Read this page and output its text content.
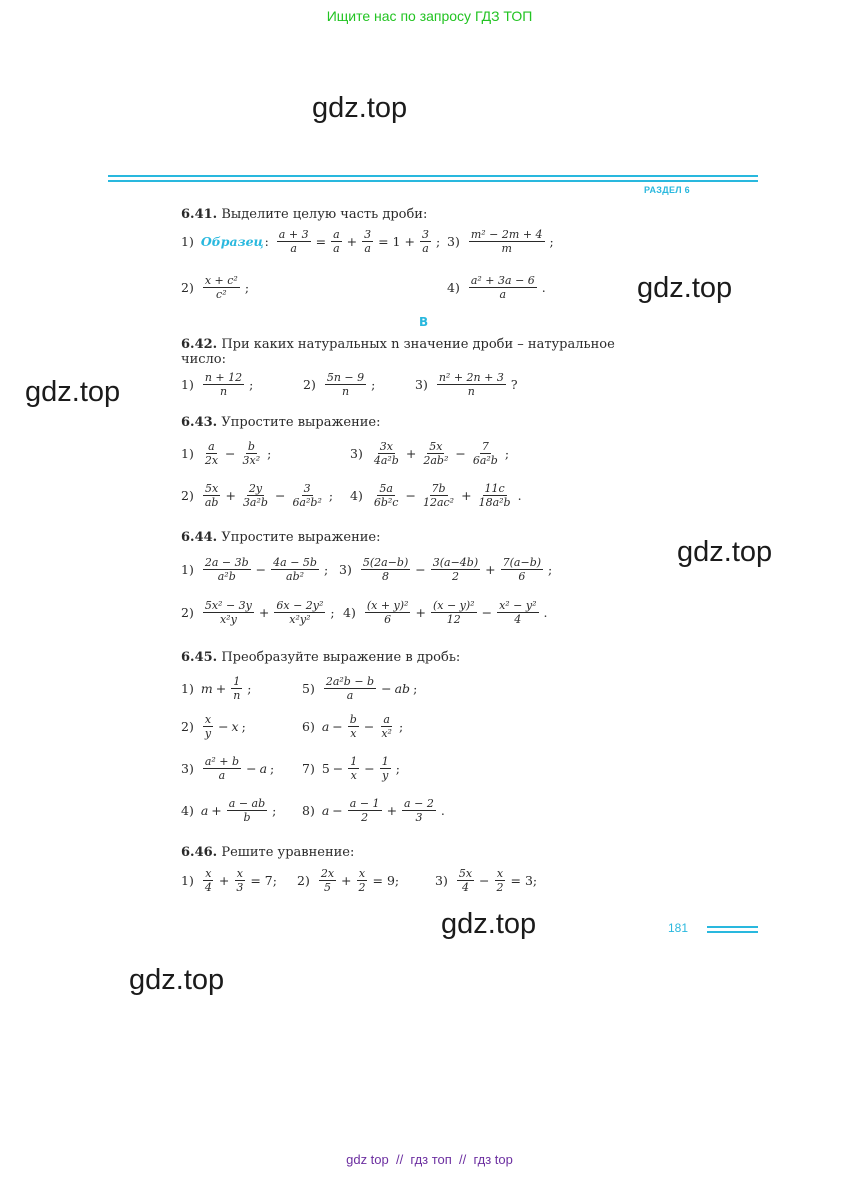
Ищите нас по запросу ГДЗ ТОП
gdz.top
gdz.top
gdz.top
gdz.top
gdz.top
gdz.top
РАЗДЕЛ 6
6.41. Выделите целую часть дроби:
1) Образец : $\frac{a + 3}{a} = \frac{a}{a} + \frac{3}{a} = 1 + \frac{3}{a}$ ; $3) \frac{\text{m² − 2m + 4}}{m}$ ;
$2) \frac{\text{x + c²}}{\text{c²}}$ ;	$4) \frac{\text{a² + 3a − 6}}{a}$ .
B
6.42. При каких натуральных n значение дроби – натуральное
число:
$1) \frac{n + 12}{n}$ ;	$2) \frac{5n - 9}{n}$ ;	$3) \frac{\text{n² + 2n + 3}}{n}$ ?
6.43. Упростите выражение:
$1) \frac{a}{2x} - \frac{b}{\text{3x²}}$ ;	$3) \frac{3x}{\text{4a²b}} + \frac{5x}{\text{2ab²}} - \frac{7}{\text{6a²b}}$ ;
$2) \frac{5x}{ab} + \frac{2y}{\text{3a²b}} - \frac{3}{\text{6a²b²}}$ ; $4) \frac{5a}{\text{6b²c}} - \frac{7b}{\text{12ac²}} + \frac{11c}{\text{18a²b}}$ .
6.44. Упростите выражение:
$1) \frac{2a - 3b}{\text{a²b}} - \frac{4a - 5b}{\text{ab²}}$ ; $3) \frac{5(2a-b)}{8} - \frac{3(a-4b)}{2} + \frac{7(a-b)}{6}$ ;
$2) \frac{\text{5x² − 3y}}{\text{x²y}} + \frac{\text{6x − 2y²}}{\text{x²y²}}$ ; $4) \frac{\text{(x + y)²}}{6} + \frac{\text{(x − y)²}}{12} - \frac{\text{x² − y²}}{4}$ .
6.45. Преобразуйте выражение в дробь:
1) $m + \frac{1}{n}$ ;	$5) \frac{\text{2a²b − b}}{a}$ − ab ;
$2) \frac{x}{y} - x$ ;	6) $a - \frac{b}{x} - \frac{a}{\text{x²}}$ ;
$3) \frac{\text{a² + b}}{a} - a$ ; 7) $5 - \frac{1}{x} - \frac{1}{y}$ ;
4) $a + \frac{a - ab}{b}$ ; 8) $a - \frac{a - 1}{2} + \frac{a - 2}{3}$ .
6.46. Решите уравнение:
$1) \frac{x}{4} + \frac{x}{3} = 7$; $2) \frac{2x}{5} + \frac{x}{2} = 9$;	$3) \frac{5x}{4} - \frac{x}{2} = 3$;
181
gdz top  //  гдз топ  //  гдз top
